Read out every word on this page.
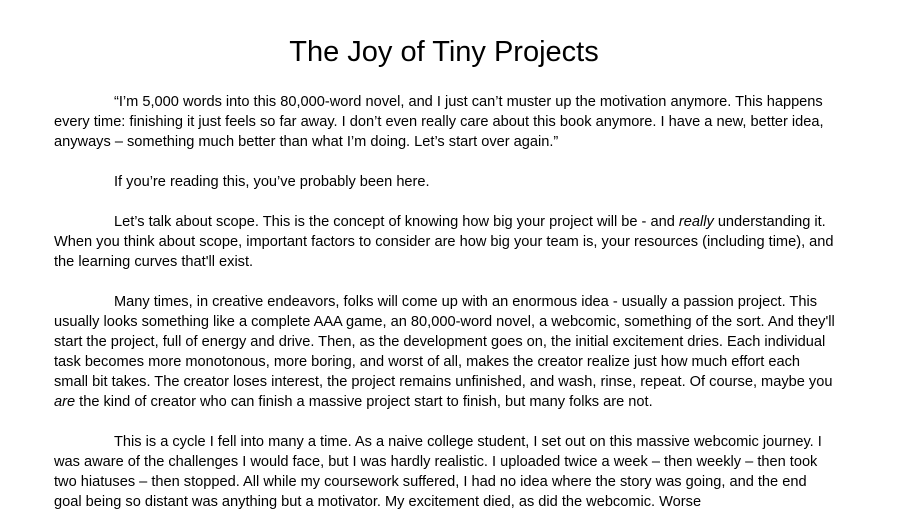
The Joy of Tiny Projects

“I’m 5,000 words into this 80,000-word novel, and I just can’t muster up the motivation anymore. This happens every time: finishing it just feels so far away. I don’t even really care about this book anymore. I have a new, better idea, anyways – something much better than what I’m doing. Let’s start over again.”

If you’re reading this, you’ve probably been here.

Let’s talk about scope. This is the concept of knowing how big your project will be - and really understanding it. When you think about scope, important factors to consider are how big your team is, your resources (including time), and the learning curves that'll exist.

Many times, in creative endeavors, folks will come up with an enormous idea - usually a passion project. This usually looks something like a complete AAA game, an 80,000-word novel, a webcomic, something of the sort. And they'll start the project, full of energy and drive. Then, as the development goes on, the initial excitement dries. Each individual task becomes more monotonous, more boring, and worst of all, makes the creator realize just how much effort each small bit takes. The creator loses interest, the project remains unfinished, and wash, rinse, repeat. Of course, maybe you are the kind of creator who can finish a massive project start to finish, but many folks are not.

This is a cycle I fell into many a time. As a naive college student, I set out on this massive webcomic journey. I was aware of the challenges I would face, but I was hardly realistic. I uploaded twice a week – then weekly – then took two hiatuses – then stopped. All while my coursework suffered, I had no idea where the story was going, and the end goal being so distant was anything but a motivator. My excitement died, as did the webcomic. Worse
